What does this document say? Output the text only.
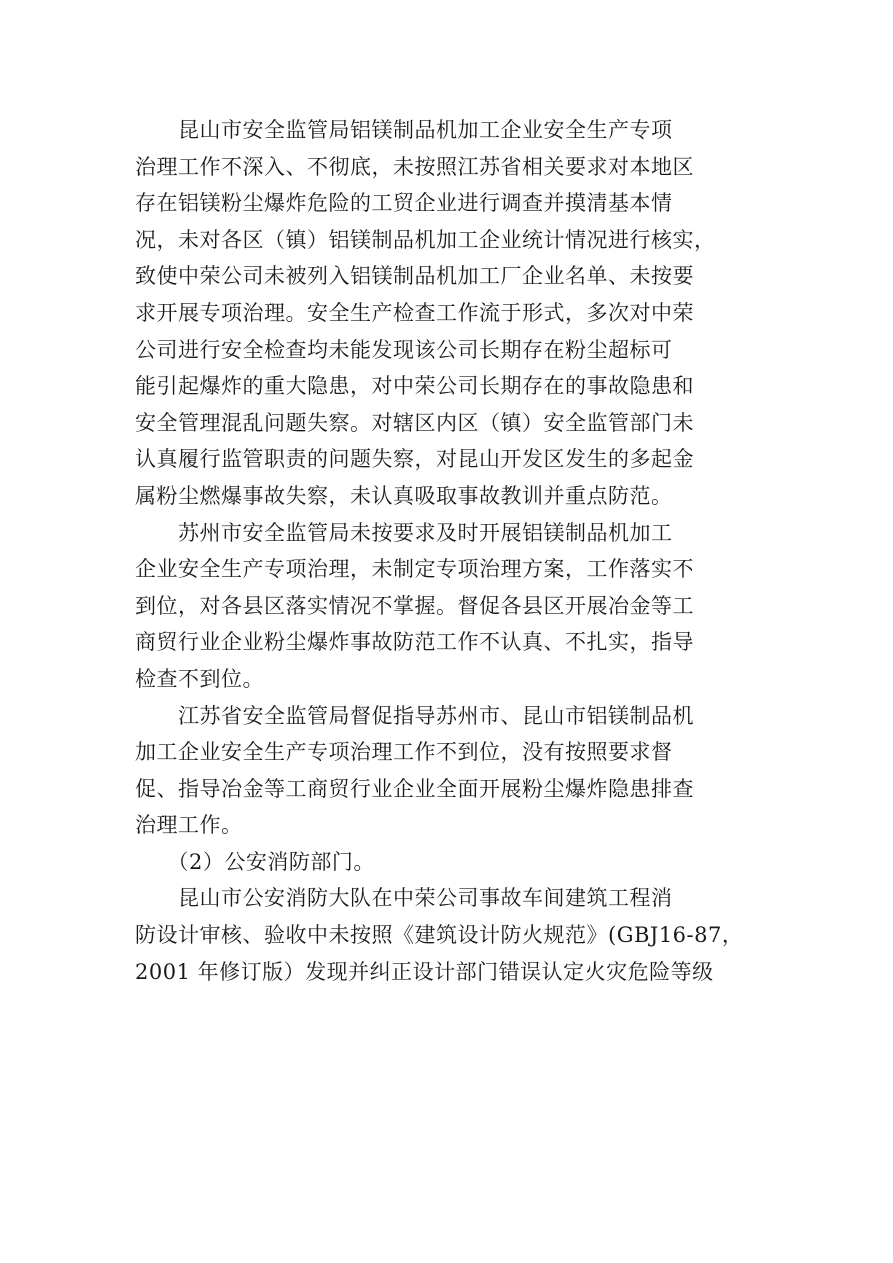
　　昆山市安全监管局铝镁制品机加工企业安全生产专项
治理工作不深入、不彻底，未按照江苏省相关要求对本地区
存在铝镁粉尘爆炸危险的工贸企业进行调查并摸清基本情
况，未对各区（镇）铝镁制品机加工企业统计情况进行核实，
致使中荣公司未被列入铝镁制品机加工厂企业名单、未按要
求开展专项治理。安全生产检查工作流于形式，多次对中荣
公司进行安全检查均未能发现该公司长期存在粉尘超标可
能引起爆炸的重大隐患，对中荣公司长期存在的事故隐患和
安全管理混乱问题失察。对辖区内区（镇）安全监管部门未
认真履行监管职责的问题失察，对昆山开发区发生的多起金
属粉尘燃爆事故失察，未认真吸取事故教训并重点防范。

　　苏州市安全监管局未按要求及时开展铝镁制品机加工
企业安全生产专项治理，未制定专项治理方案，工作落实不
到位，对各县区落实情况不掌握。督促各县区开展冶金等工
商贸行业企业粉尘爆炸事故防范工作不认真、不扎实，指导
检查不到位。

　　江苏省安全监管局督促指导苏州市、昆山市铝镁制品机
加工企业安全生产专项治理工作不到位，没有按照要求督
促、指导冶金等工商贸行业企业全面开展粉尘爆炸隐患排查
治理工作。

　　（2）公安消防部门。

　　昆山市公安消防大队在中荣公司事故车间建筑工程消
防设计审核、验收中未按照《建筑设计防火规范》(GBJ16-87，
2001 年修订版）发现并纠正设计部门错误认定火灾危险等级
